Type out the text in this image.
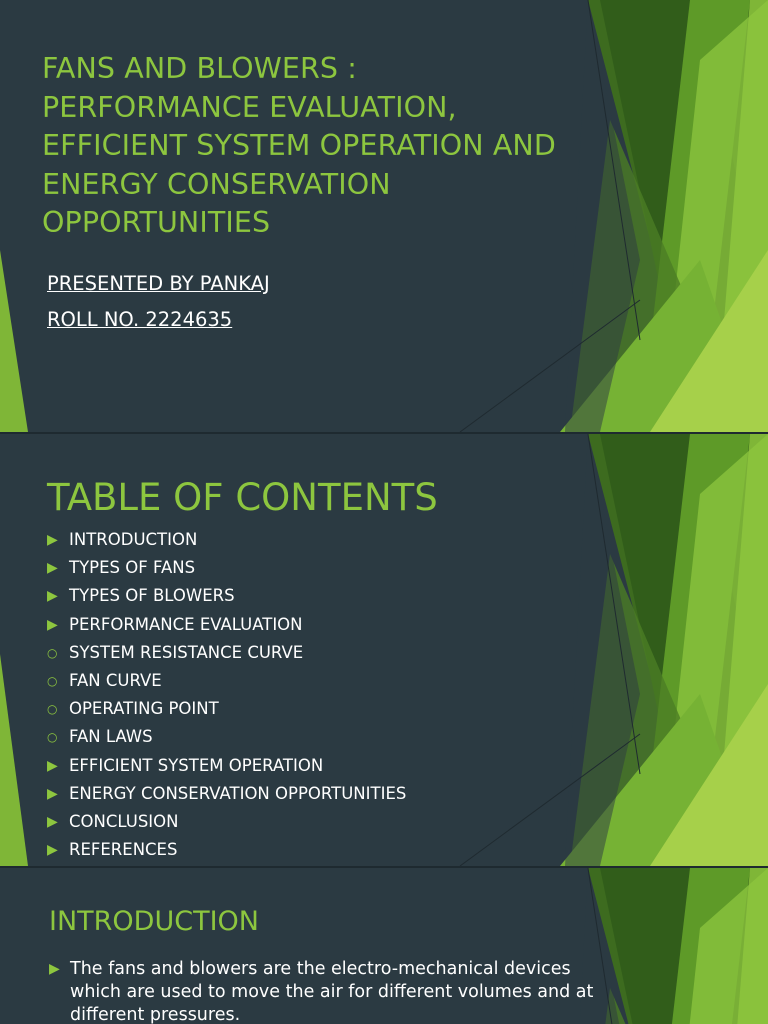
FANS AND BLOWERS : PERFORMANCE EVALUATION, EFFICIENT SYSTEM OPERATION AND ENERGY CONSERVATION OPPORTUNITIES

PRESENTED BY PANKAJ

ROLL NO. 2224635

TABLE OF CONTENTS
▶ INTRODUCTION
▶ TYPES OF FANS
▶ TYPES OF BLOWERS
▶ PERFORMANCE EVALUATION
○ SYSTEM RESISTANCE CURVE
○ FAN CURVE
○ OPERATING POINT
○ FAN LAWS
▶ EFFICIENT SYSTEM OPERATION
▶ ENERGY CONSERVATION OPPORTUNITIES
▶ CONCLUSION
▶ REFERENCES
INTRODUCTION
▶ The fans and blowers are the electro-mechanical devices which are used to move the air for different volumes and at different pressures.
